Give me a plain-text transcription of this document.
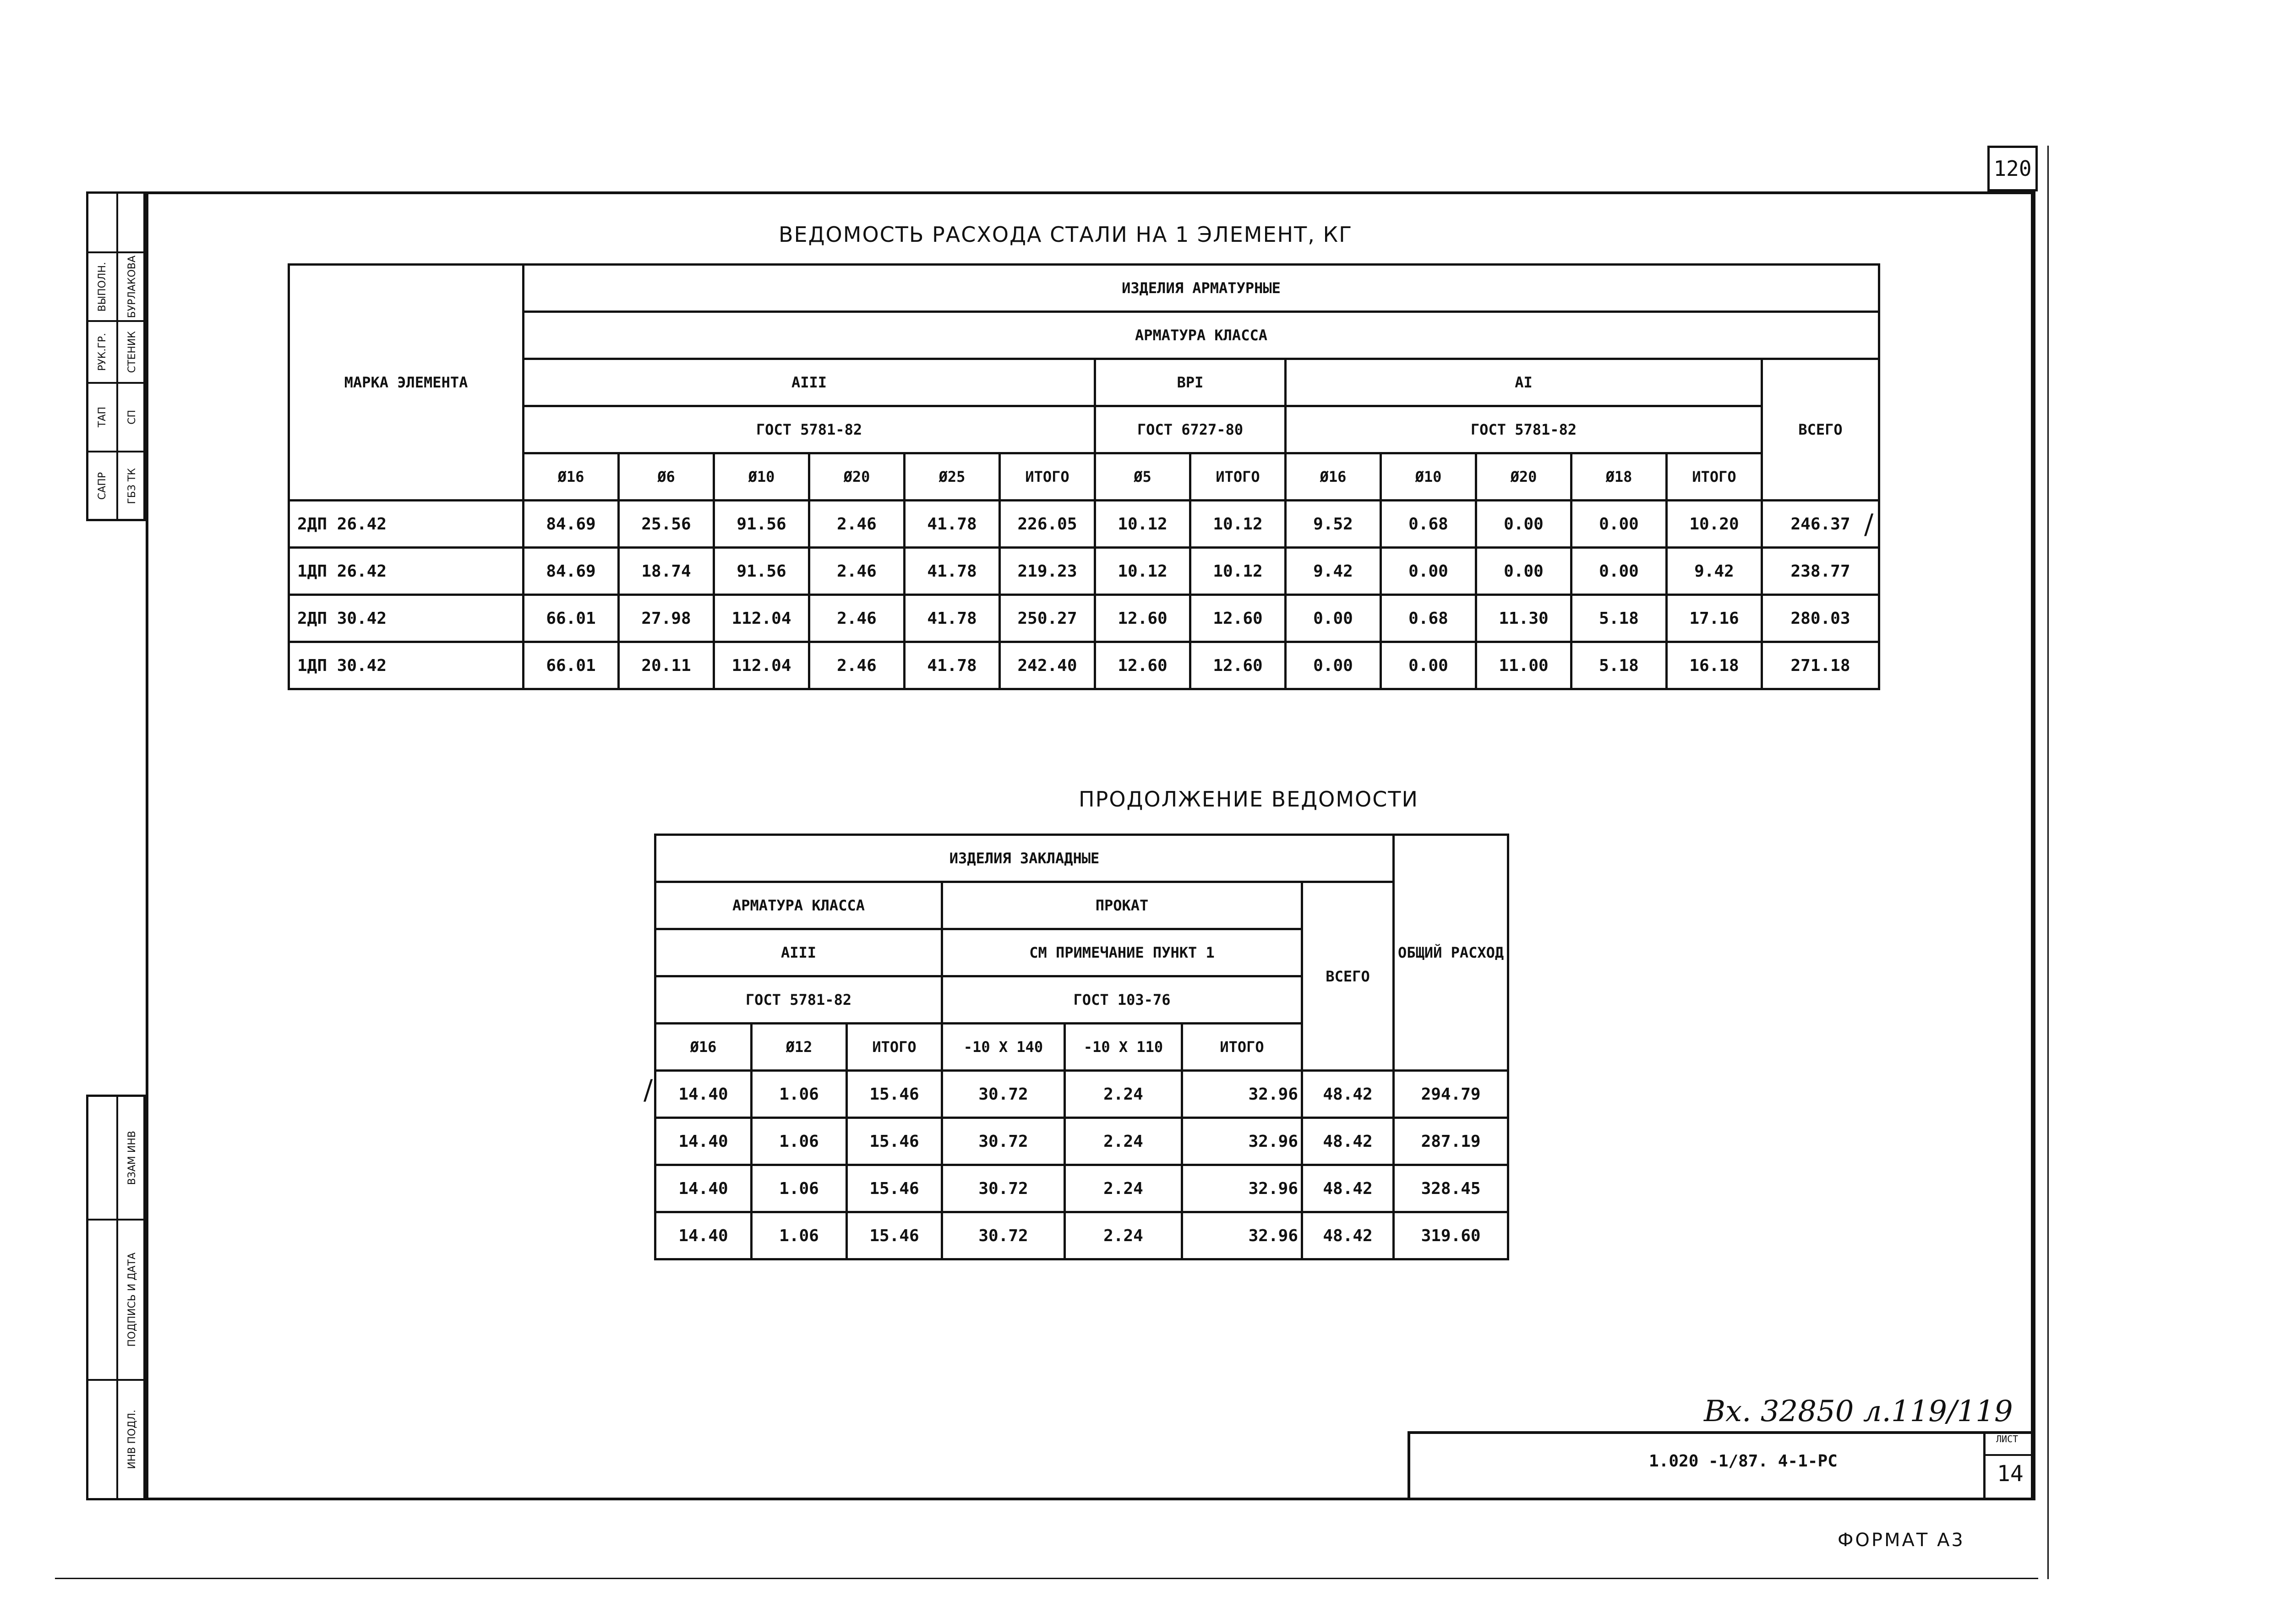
120
ВЫПОЛН. БУРЛАКОВА
РУК.ГР. СТЕНИК
ТАП СП
САПР ГБЗ ТК
ВЗАМ ИНВ
ПОДПИСЬ И ДАТА
ИНВ ПОДЛ.
ВЕДОМОСТЬ РАСХОДА СТАЛИ НА 1 ЭЛЕМЕНТ, КГ
МАРКА ЭЛЕМЕНТА	ИЗДЕЛИЯ АРМАТУРНЫЕ													
	АРМАТУРА КЛАССА													
	АIII						ВРI		АI					ВСЕГО
	ГОСТ 5781-82						ГОСТ 6727-80		ГОСТ 5781-82					
	Ø16	Ø6	Ø10	Ø20	Ø25	ИТОГО	Ø5	ИТОГО	Ø16	Ø10	Ø20	Ø18	ИТОГО	
2ДП 26.42	84.69	25.56	91.56	2.46	41.78	226.05	10.12	10.12	9.52	0.68	0.00	0.00	10.20	246.37
1ДП 26.42	84.69	18.74	91.56	2.46	41.78	219.23	10.12	10.12	9.42	0.00	0.00	0.00	9.42	238.77
2ДП 30.42	66.01	27.98	112.04	2.46	41.78	250.27	12.60	12.60	0.00	0.68	11.30	5.18	17.16	280.03
1ДП 30.42	66.01	20.11	112.04	2.46	41.78	242.40	12.60	12.60	0.00	0.00	11.00	5.18	16.18	271.18
/
ПРОДОЛЖЕНИЕ ВЕДОМОСТИ
ИЗДЕЛИЯ ЗАКЛАДНЫЕ							ОБЩИЙ РАСХОД
АРМАТУРА КЛАССА			ПРОКАТ			ВСЕГО	
АIII			СМ ПРИМЕЧАНИЕ ПУНКТ 1				
ГОСТ 5781-82			ГОСТ 103-76				
Ø16	Ø12	ИТОГО	-10 Х 140	-10 Х 110	ИТОГО		
14.40	1.06	15.46	30.72	2.24	32.96	48.42	294.79
14.40	1.06	15.46	30.72	2.24	32.96	48.42	287.19
14.40	1.06	15.46	30.72	2.24	32.96	48.42	328.45
14.40	1.06	15.46	30.72	2.24	32.96	48.42	319.60
/
Вх. 32850 л.119/119
1.020 -1/87. 4-1-РС
ЛИСТ
14
ФОРМАТ А3
